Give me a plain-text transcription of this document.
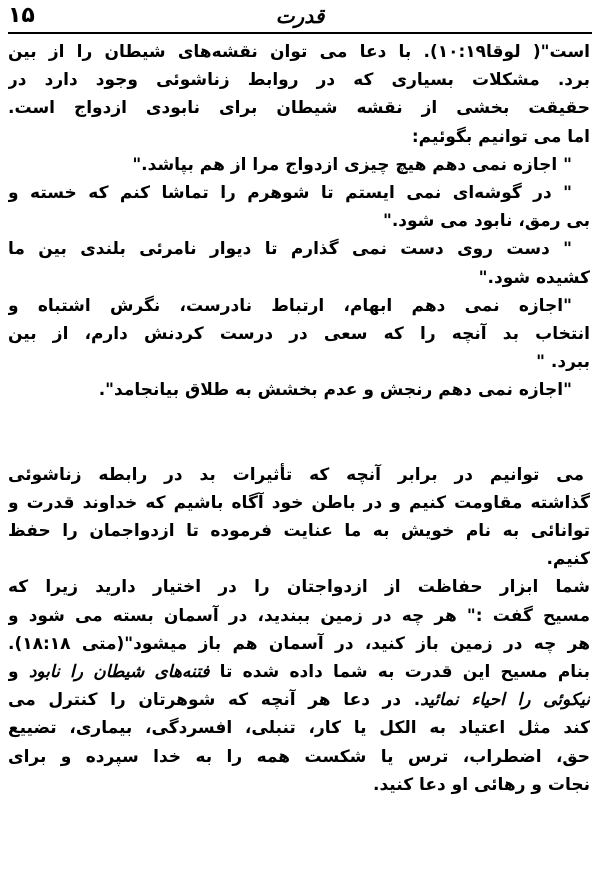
۱۵	قدرت
است"( لوقا۱۰:۱۹). با دعا می توان نقشه‌های شیطان را از بین
برد. مشکلات بسیاری که در روابط زناشوئی وجود دارد در
حقیقت بخشی از نقشه شیطان برای نابودی ازدواج است.
اما می توانیم بگوئیم:
" اجازه نمی دهم هیچ چیزی ازدواج مرا از هم بپاشد."
" در گوشه‌ای نمی ایستم تا شوهرم را تماشا کنم که خسته و
بی رمق، نابود می شود."
" دست روی دست نمی گذارم تا دیوار نامرئی بلندی بین ما
کشیده شود."
"اجازه نمی دهم ابهام، ارتباط نادرست، نگرش اشتباه و
انتخاب بد آنچه را که سعی در درست کردنش دارم، از بین
ببرد. "
"اجازه نمی دهم رنجش و عدم بخشش به طلاق بیانجامد".
می توانیم در برابر آنچه که تأثیرات بد در رابطه زناشوئی
گذاشته مقاومت کنیم و در باطن خود آگاه باشیم که خداوند قدرت و
توانائی به نام خویش به ما عنایت فرموده تا ازدواجمان را حفظ
کنیم.
شما ابزار حفاظت از ازدواجتان را در اختیار دارید زیرا که
مسیح گفت :" هر چه در زمین ببندید، در آسمان بسته می شود و
هر چه در زمین باز کنید، در آسمان هم باز میشود"(متی ۱۸:۱۸).
بنام مسیح این قدرت به شما داده شده تا فتنه‌های شیطان را نابود و
نیکوئی را احیاء نمائید. در دعا هر آنچه که شوهرتان را کنترل می
کند مثل اعتیاد به الکل یا کار، تنبلی، افسردگی، بیماری، تضییع
حق، اضطراب، ترس یا شکست همه را به خدا سپرده و برای
نجات و رهائی او دعا کنید.
